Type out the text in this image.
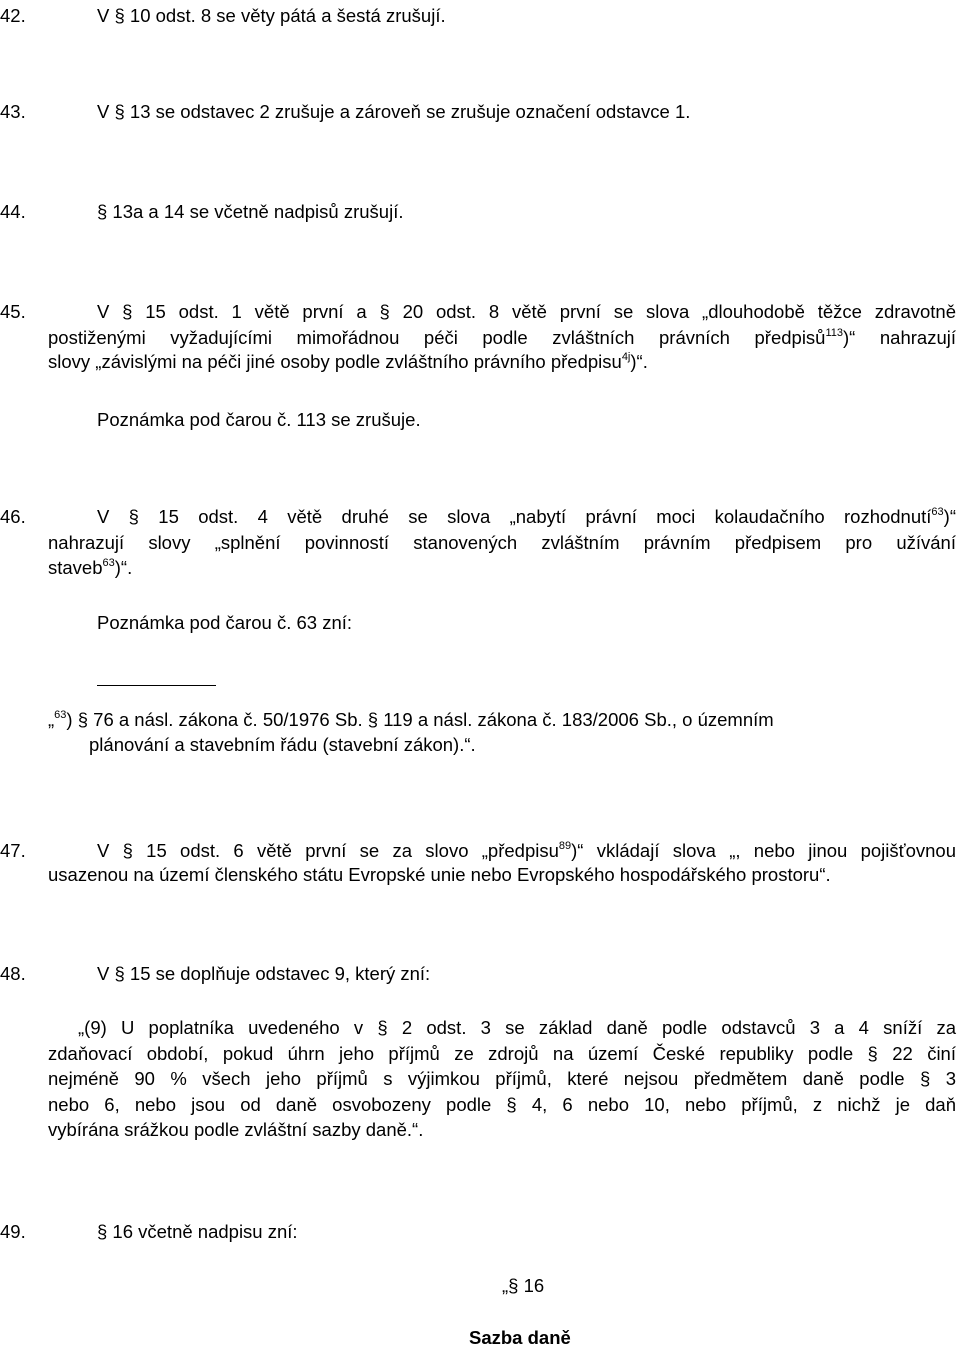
42.	V § 10 odst. 8 se věty pátá a šestá zrušují.
43.	V § 13 se odstavec 2 zrušuje a zároveň se zrušuje označení odstavce 1.
44.	§ 13a a 14 se včetně nadpisů zrušují.
45.	V § 15 odst. 1 větě první a § 20 odst. 8 větě první se slova „dlouhodobě těžce zdravotně
postiženými vyžadujícími mimořádnou péči podle zvláštních právních předpisů$^{113}$)“ nahrazují
slovy „závislými na péči jiné osoby podle zvláštního právního předpisu$^{4j}$)“.
Poznámka pod čarou č. 113 se zrušuje.
46.	V § 15 odst. 4 větě druhé se slova „nabytí právní moci kolaudačního rozhodnutí$^{63}$)“
nahrazují slovy „splnění povinností stanovených zvláštním právním předpisem pro užívání
staveb$^{63}$)“.
Poznámka pod čarou č. 63 zní:
„$^{63}$) § 76 a násl. zákona č. 50/1976 Sb. § 119 a násl. zákona č. 183/2006 Sb., o územním
plánování a stavebním řádu (stavební zákon).“.
47.	V § 15 odst. 6 větě první se za slovo „předpisu$^{89}$)“ vkládají slova „, nebo jinou pojišťovnou
usazenou na území členského státu Evropské unie nebo Evropského hospodářského prostoru“.
48.	V § 15 se doplňuje odstavec 9, který zní:
„(9) U poplatníka uvedeného v § 2 odst. 3 se základ daně podle odstavců 3 a 4 sníží za
zdaňovací období, pokud úhrn jeho příjmů ze zdrojů na území České republiky podle § 22 činí
nejméně 90 % všech jeho příjmů s výjimkou příjmů, které nejsou předmětem daně podle § 3
nebo 6, nebo jsou od daně osvobozeny podle § 4, 6 nebo 10, nebo příjmů, z nichž je daň
vybírána srážkou podle zvláštní sazby daně.“.
49.	§ 16 včetně nadpisu zní:
„§ 16
Sazba daně
